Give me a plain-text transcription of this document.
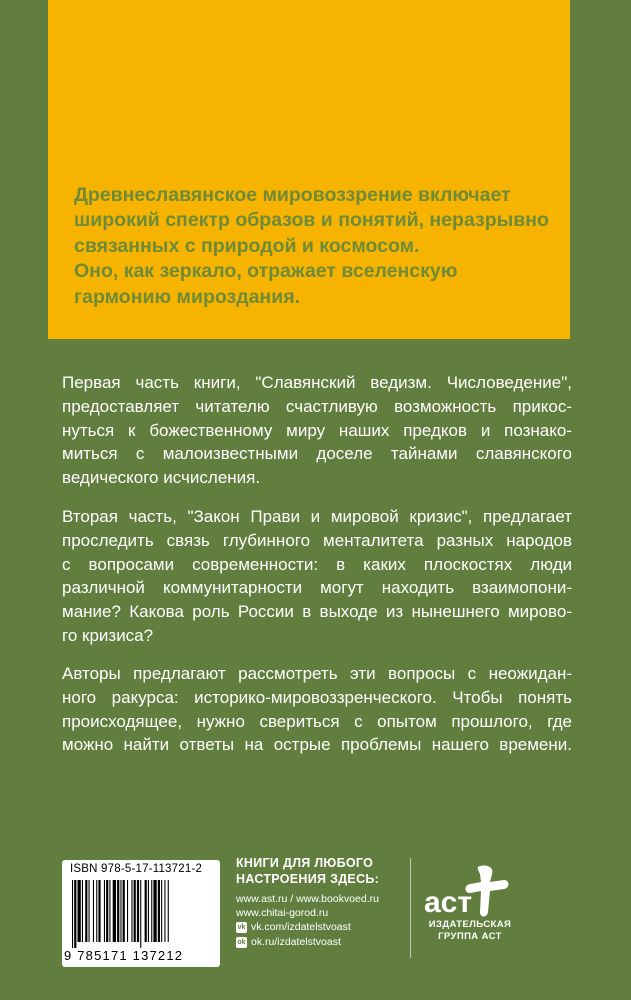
Древнеславянское мировоззрение включает
широкий спектр образов и понятий, неразрывно
связанных с природой и космосом.
Оно, как зеркало, отражает вселенскую
гармонию мироздания.

Первая часть книги, "Славянский ведизм. Числоведение",
предоставляет читателю счастливую возможность прикос-
нуться к божественному миру наших предков и познако-
миться с малоизвестными доселе тайнами славянского
ведического исчисления.

Вторая часть, "Закон Прави и мировой кризис", предлагает
проследить связь глубинного менталитета разных народов
с вопросами современности: в каких плоскостях люди
различной коммунитарности могут находить взаимопони-
мание? Какова роль России в выходе из нынешнего мирово-
го кризиса?

Авторы предлагают рассмотреть эти вопросы с неожидан-
ного ракурса: историко-мировоззренческого. Чтобы понять
происходящее, нужно свериться с опытом прошлого, где
можно найти ответы на острые проблемы нашего времени.

ISBN 978-5-17-113721-2
9 785171 137212

КНИГИ ДЛЯ ЛЮБОГО
НАСТРОЕНИЯ ЗДЕСЬ:

www.ast.ru / www.bookvoed.ru
www.chitai-gorod.ru
vk vk.com/izdatelstvoast
ok ok.ru/izdatelstvoast
аст
ИЗДАТЕЛЬСКАЯ
ГРУППА АСТ
